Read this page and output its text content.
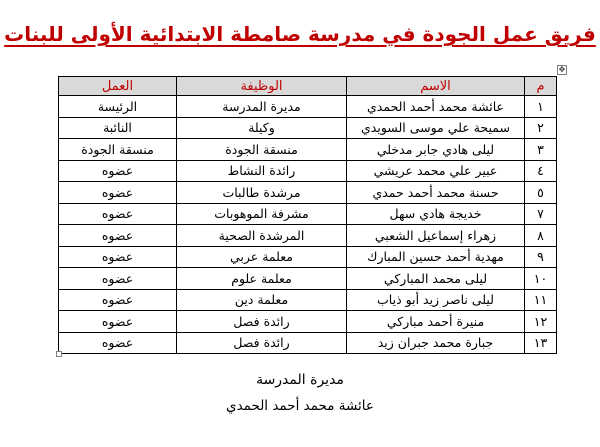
فريق عمل الجودة في مدرسة صامطة الابتدائية الأولى للبنات
✥
م	الاسم	الوظيفة	العمل
١	عائشة محمد أحمد الحمدي	مديرة المدرسة	الرئيسة
٢	سميحة علي موسى السويدي	وكيلة	النائبة
٣	ليلى هادي جابر مدخلي	منسقة الجودة	منسقة الجودة
٤	عبير علي محمد عريشي	رائدة النشاط	عضوه
٥	حسنة محمد أحمد حمدي	مرشدة طالبات	عضوه
٧	خديجة هادي سهل	مشرفة الموهوبات	عضوه
٨	زهراء إسماعيل الشعبي	المرشدة الصحية	عضوه
٩	مهدية أحمد حسين المبارك	معلمة عربي	عضوه
١٠	ليلى محمد المباركي	معلمة علوم	عضوه
١١	ليلى ناصر زيد أبو ذياب	معلمة دين	عضوه
١٢	منيرة أحمد مباركي	رائدة فصل	عضوه
١٣	جبارة محمد جبران زيد	رائدة فصل	عضوه
مديرة المدرسة
عائشة محمد أحمد الحمدي
